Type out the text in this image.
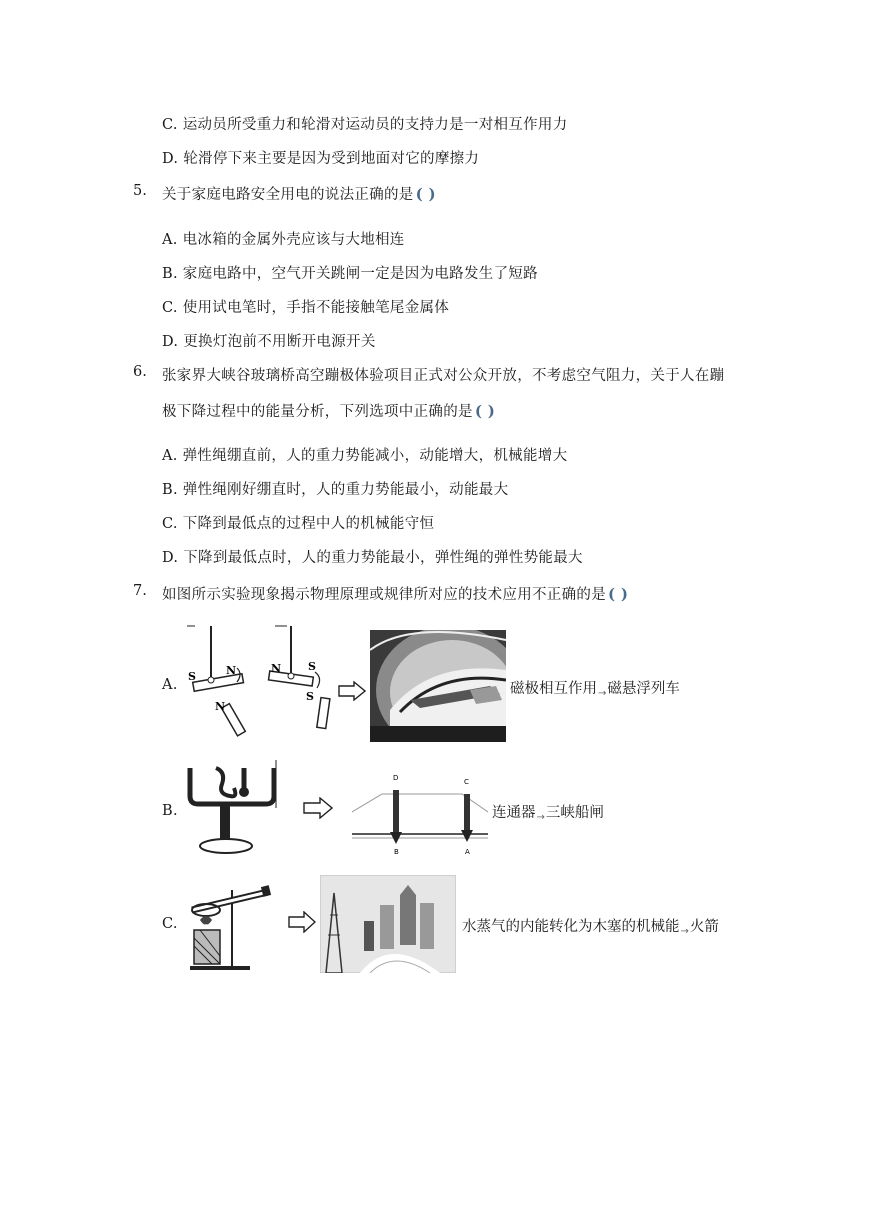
C. 运动员所受重力和轮滑对运动员的支持力是一对相互作用力
D. 轮滑停下来主要是因为受到地面对它的摩擦力
5. 关于家庭电路安全用电的说法正确的是 ( )
A. 电冰箱的金属外壳应该与大地相连
B. 家庭电路中，空气开关跳闸一定是因为电路发生了短路
C. 使用试电笔时，手指不能接触笔尾金属体
D. 更换灯泡前不用断开电源开关
6. 张家界大峡谷玻璃桥高空蹦极体验项目正式对公众开放，不考虑空气阻力，关于人在蹦
极下降过程中的能量分析，下列选项中正确的是 ( )
A. 弹性绳绷直前，人的重力势能减小，动能增大，机械能增大
B. 弹性绳刚好绷直时，人的重力势能最小，动能最大
C. 下降到最低点的过程中人的机械能守恒
D. 下降到最低点时，人的重力势能最小，弹性绳的弹性势能最大
7. 如图所示实验现象揭示物理原理或规律所对应的技术应用不正确的是 ( )
A.
S	N
N
N S
S	磁极相互作用→磁悬浮列车
B.
D	C
B	A
连通器→三峡船闸
C.	水蒸气的内能转化为木塞的机械能→火箭
